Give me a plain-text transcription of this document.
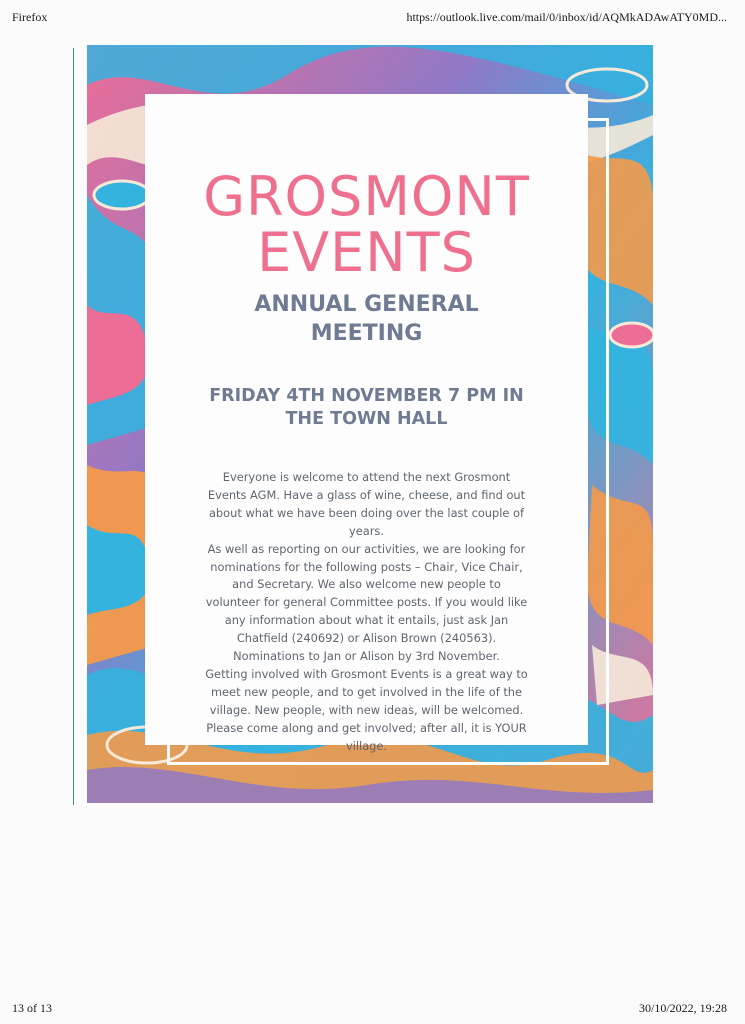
Firefox	https://outlook.live.com/mail/0/inbox/id/AQMkADAwATY0MD...
GROSMONT
EVENTS
ANNUAL GENERAL
MEETING
FRIDAY 4TH NOVEMBER 7 PM IN
THE TOWN HALL
Everyone is welcome to attend the next Grosmont
Events AGM. Have a glass of wine, cheese, and find out
about what we have been doing over the last couple of
years.
As well as reporting on our activities, we are looking for
nominations for the following posts – Chair, Vice Chair,
and Secretary. We also welcome new people to
volunteer for general Committee posts. If you would like
any information about what it entails, just ask Jan
Chatfield (240692) or Alison Brown (240563).
Nominations to Jan or Alison by 3rd November.
Getting involved with Grosmont Events is a great way to
meet new people, and to get involved in the life of the
village. New people, with new ideas, will be welcomed.
Please come along and get involved; after all, it is YOUR
village.
13 of 13	30/10/2022, 19:28
